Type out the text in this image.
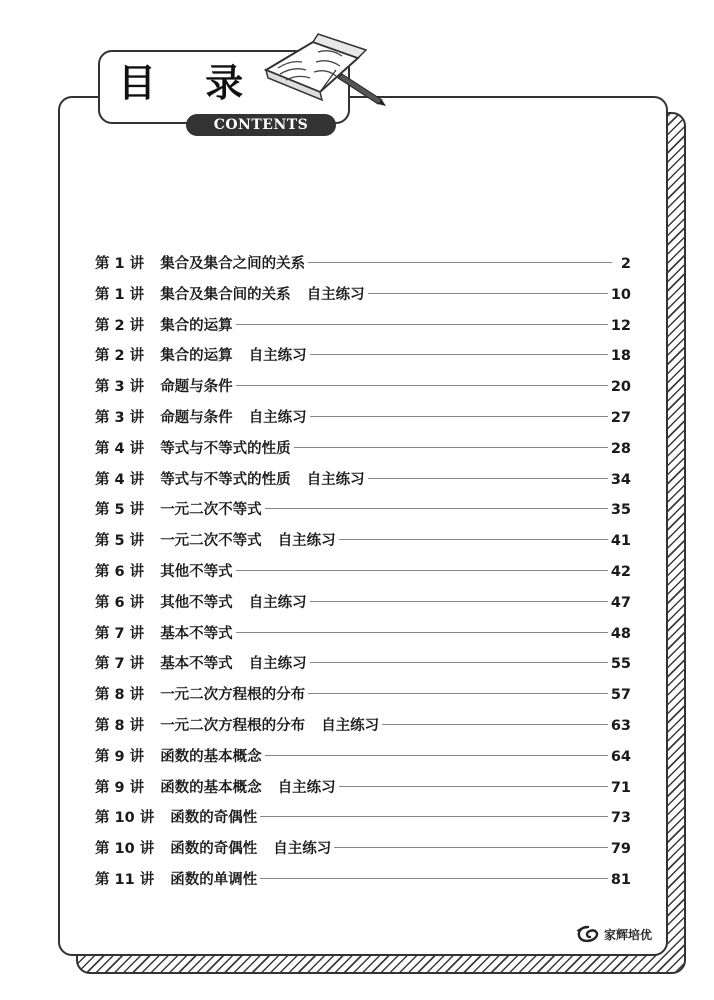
目 录
CONTENTS
第 1 讲 集合及集合之间的关系	2
第 1 讲 集合及集合间的关系 自主练习	10
第 2 讲 集合的运算	12
第 2 讲 集合的运算 自主练习	18
第 3 讲 命题与条件	20
第 3 讲 命题与条件 自主练习	27
第 4 讲 等式与不等式的性质	28
第 4 讲 等式与不等式的性质 自主练习	34
第 5 讲 一元二次不等式	35
第 5 讲 一元二次不等式 自主练习	41
第 6 讲 其他不等式	42
第 6 讲 其他不等式 自主练习	47
第 7 讲 基本不等式	48
第 7 讲 基本不等式 自主练习	55
第 8 讲 一元二次方程根的分布	57
第 8 讲 一元二次方程根的分布 自主练习	63
第 9 讲 函数的基本概念	64
第 9 讲 函数的基本概念 自主练习	71
第 10 讲 函数的奇偶性	73
第 10 讲 函数的奇偶性 自主练习	79
第 11 讲 函数的单调性	81
家辉培优
